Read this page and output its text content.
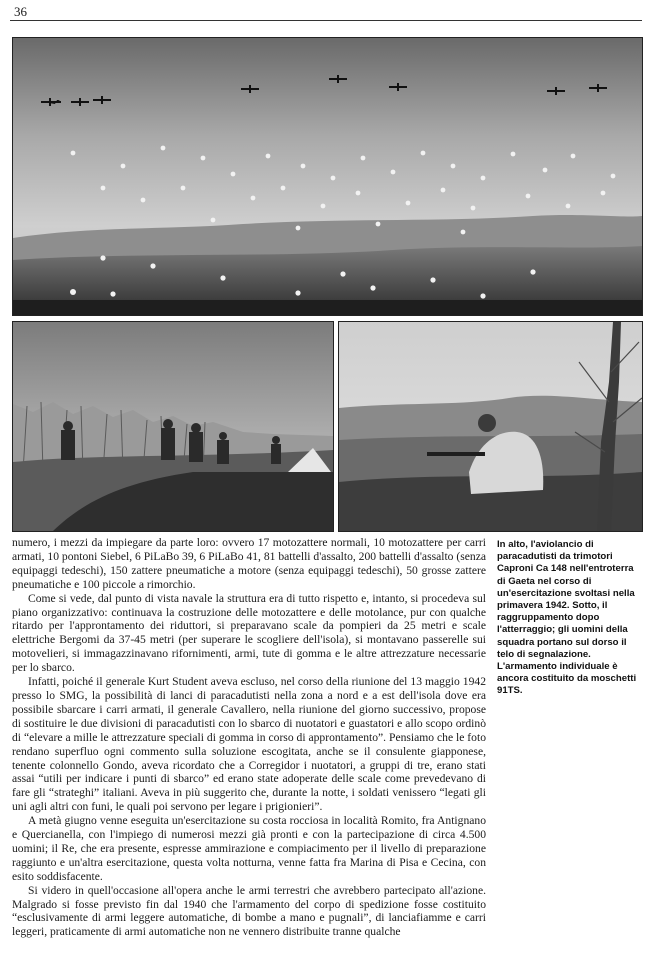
36

numero, i mezzi da impiegare da parte loro: ovvero 17 motozattere normali, 10 motozattere per carri armati, 10 pontoni Siebel, 6 PiLaBo 39, 6 PiLaBo 41, 81 battelli d'assalto, 200 battelli d'assalto (senza equipaggi tedeschi), 150 zattere pneumatiche a motore (senza equipaggi tedeschi), 50 grosse zattere pneumatiche e 100 piccole a rimorchio.

Come si vede, dal punto di vista navale la struttura era di tutto rispetto e, intanto, si procedeva sul piano organizzativo: continuava la costruzione delle motozattere e delle motolance, pur con qualche ritardo per l'approntamento dei riduttori, si preparavano scale da pompieri da 25 metri e scale elettriche Bergomi da 37-45 metri (per superare le scogliere dell'isola), si montavano passerelle sui motovelieri, si immagazzinavano rifornimenti, armi, tute di gomma e le altre attrezzature necessarie per lo sbarco.

Infatti, poiché il generale Kurt Student aveva escluso, nel corso della riunione del 13 maggio 1942 presso lo SMG, la possibilità di lanci di paracadutisti nella zona a nord e a est dell'isola dove era possibile sbarcare i carri armati, il generale Cavallero, nella riunione del giorno successivo, propose di sostituire le due divisioni di paracadutisti con lo sbarco di nuotatori e guastatori e allo scopo ordinò di “elevare a mille le attrezzature speciali di gomma in corso di approntamento”. Pensiamo che le foto rendano superfluo ogni commento sulla soluzione escogitata, anche se il consulente giapponese, tenente colonnello Gondo, aveva ricordato che a Corregidor i nuotatori, a gruppi di tre, erano stati assai “utili per indicare i punti di sbarco” ed erano state adoperate delle scale come prevedevano di fare gli “strateghi” italiani. Aveva in più suggerito che, durante la notte, i soldati venissero “legati gli uni agli altri con funi, le quali poi servono per legare i prigionieri”.

A metà giugno venne eseguita un'esercitazione su costa rocciosa in località Romito, fra Antignano e Quercianella, con l'impiego di numerosi mezzi già pronti e con la partecipazione di circa 4.500 uomini; il Re, che era presente, espresse ammirazione e compiacimento per il livello di preparazione raggiunto e un'altra esercitazione, questa volta notturna, venne fatta fra Marina di Pisa e Cecina, con esito soddisfacente.

Si videro in quell'occasione all'opera anche le armi terrestri che avrebbero partecipato all'azione. Malgrado si fosse previsto fin dal 1940 che l'armamento del corpo di spedizione fosse costituito “esclusivamente di armi leggere automatiche, di bombe a mano e pugnali”, di lanciafiamme e carri leggeri, praticamente di armi automatiche non ne vennero distribuite tranne qualche

In alto, l'aviolancio di paracadutisti da trimotori Caproni Ca 148 nell'entroterra di Gaeta nel corso di un'esercitazione svoltasi nella primavera 1942. Sotto, il raggruppamento dopo l'atterraggio; gli uomini della squadra portano sul dorso il telo di segnalazione. L'armamento individuale è ancora costituito da moschetti 91TS.
